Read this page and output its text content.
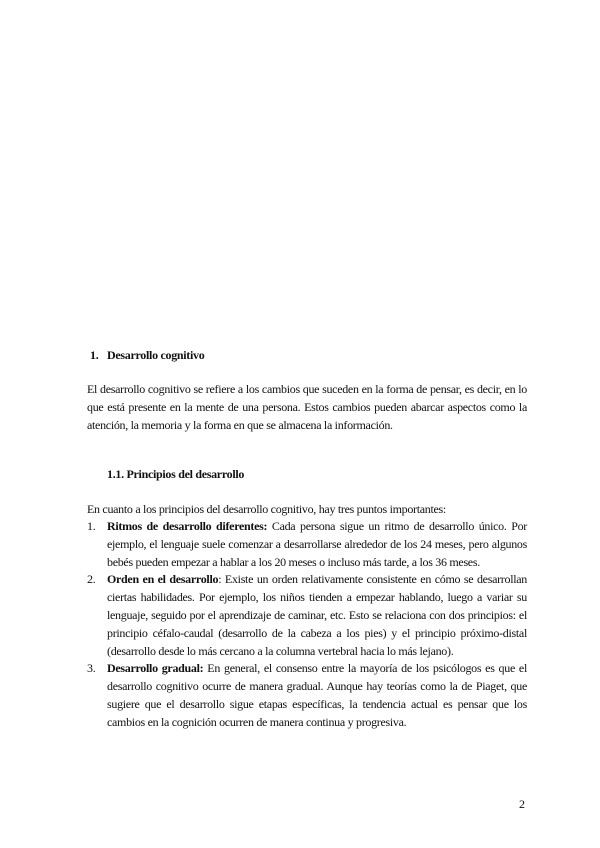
1. Desarrollo cognitivo

El desarrollo cognitivo se refiere a los cambios que suceden en la forma de pensar, es decir, en lo que está presente en la mente de una persona. Estos cambios pueden abarcar aspectos como la atención, la memoria y la forma en que se almacena la información.

1.1. Principios del desarrollo

En cuanto a los principios del desarrollo cognitivo, hay tres puntos importantes:

1. Ritmos de desarrollo diferentes: Cada persona sigue un ritmo de desarrollo único. Por ejemplo, el lenguaje suele comenzar a desarrollarse alrededor de los 24 meses, pero algunos bebés pueden empezar a hablar a los 20 meses o incluso más tarde, a los 36 meses.
2. Orden en el desarrollo: Existe un orden relativamente consistente en cómo se desarrollan ciertas habilidades. Por ejemplo, los niños tienden a empezar hablando, luego a variar su lenguaje, seguido por el aprendizaje de caminar, etc. Esto se relaciona con dos principios: el principio céfalo-caudal (desarrollo de la cabeza a los pies) y el principio próximo-distal (desarrollo desde lo más cercano a la columna vertebral hacia lo más lejano).
3. Desarrollo gradual: En general, el consenso entre la mayoría de los psicólogos es que el desarrollo cognitivo ocurre de manera gradual. Aunque hay teorías como la de Piaget, que sugiere que el desarrollo sigue etapas específicas, la tendencia actual es pensar que los cambios en la cognición ocurren de manera continua y progresiva.
2
